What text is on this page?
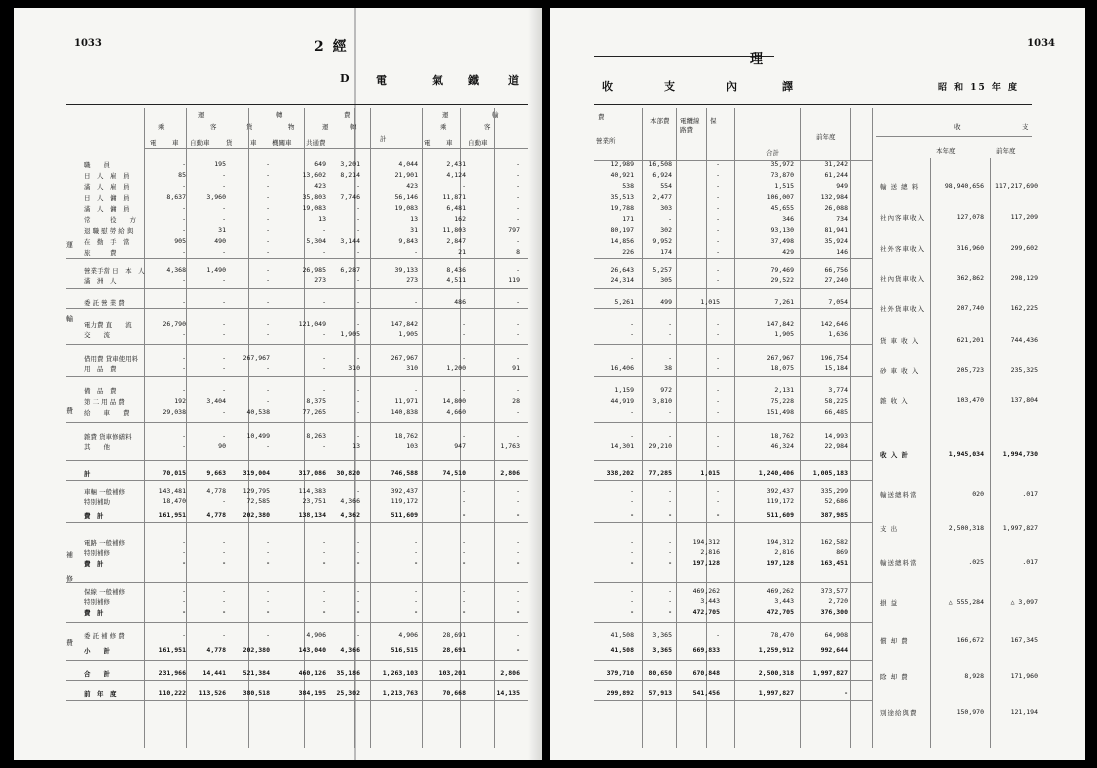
1033	2 經
D 電	氣 鐵 道
運	轉	費	運	輸
乘	客	貨	物	運	轉	乘	客
計
電 車 自動車	貨	車 機關車 共通費	電 車 自動車
運
輸
費
補
修
費
職　　員	-	195	-	649 3,201	4,044	2,431	-
日　人　雇　員	85	-	-	13,602 8,214	21,901	4,124	-
滿　人　雇　員	-	-	-	423	-	423	-	-
日　人　傭　員	8,637	3,960	-	35,803 7,746	56,146	11,871	-
滿　人　傭　員	-	-	-	19,083	-	19,083	6,481	-
常　　　役　　方	-	-	-	13	-	13	162	-
退 職 慰 勞 給 與	-	31	-	-	-	31	11,803	797
在　勤　手　當	905	490	-	5,304 3,144	9,843	2,847	-
旅　　　費	-	-	-	-	-	-	21	8
營業手當 日　本　人	4,368	1,490	-	26,985 6,287	39,133	8,436	-
滿　洲　人	-	-	-	273	-	273	4,511	119
委 託 營 業 費	-	-	-	-	-	-	486	-
電力費 直　　流	26,790	-	-	121,049	-	147,842	-	-
交　　流	-	-	-	- 1,905	1,905	-	-
借用費 貸車使用料	-	-	267,967	-	-	267,967	-	-
用　品　費	-	-	-	-	310	310	1,200	91
備　品　費	-	-	-	-	-	-	-	-
第 二 用 品 費	192	3,404	-	8,375	-	11,971	14,800	28
給　　車　　費	29,038	-	40,538	77,265	-	140,838	4,660	-
雜費 貨車修繕料	-	-	10,499	8,263	-	18,762	-	-
其　　他	-	90	-	-	13	103	947	1,763
計	70,015	9,663	319,004	317,086 30,820	746,588	74,510	2,806
車輛 一般補修	143,481	4,778	129,795	114,383	-	392,437	-	-
特別補助	18,470	-	72,585	23,751 4,366	119,172	-	-
費　計	161,951	4,778	202,380	138,134 4,362	511,609	-	-
電路 一般補修	-	-	-	-	-	-	-	-
特別補修	-	-	-	-	-	-	-	-
費　計	-	-	-	-	-	-	-	-
保線 一般補修	-	-	-	-	-	-	-	-
特別補修	-	-	-	-	-	-	-	-
費　計	-	-	-	-	-	-	-	-
委 託 補 修 費	-	-	-	4,906	-	4,906	28,691	-
小　　計	161,951	4,778	202,380	143,040 4,366	516,515	28,691	-
合　　計	231,966	14,441	521,384	460,126 35,186	1,263,103	103,201	2,806
前　年　度	110,222 113,526	380,518	384,195 25,302	1,213,763	70,668	14,135
1034
理
收	支	內	譯	昭 和 15 年 度
費
營業所
本部費	電纜線路費
保
合計
前年度
收	支
本年度	前年度
12,989 16,508	-	35,972	31,242
40,921	6,924	-	73,870	61,244
538	554	-	1,515	949
35,513	2,477	-	106,007	132,984
19,788	303	-	45,655	26,088
171	-	-	346	734
80,197	302	-	93,130	81,941
14,856	9,952	-	37,498	35,924
226	174	-	429	146
26,643	5,257	-	79,469	66,756
24,314	305	-	29,522	27,240
5,261	499	1,015	7,261	7,054
-	-	-	147,842	142,646
-	-	-	1,905	1,636
-	-	-	267,967	196,754
16,406	38	-	18,075	15,184
1,159	972	-	2,131	3,774
44,919	3,810	-	75,228	58,225
-	-	-	151,498	66,485
-	-	-	18,762	14,993
14,301 29,210	-	46,324	22,984
338,202 77,285	1,015	1,240,406	1,005,183
-	-	-	392,437	335,299
-	-	-	119,172	52,686
-	-	-	511,609	387,985
-	-	194,312	194,312	162,582
-	-	2,816	2,816	869
-	-	197,128	197,128	163,451
-	-	469,262	469,262	373,577
-	-	3,443	3,443	2,720
-	-	472,705	472,705	376,300
41,508	3,365	-	78,470	64,908
41,508	3,365	669,833	1,259,912	992,644
379,710 80,650	670,848	2,500,318	1,997,827
299,892 57,913	541,456	1,997,827	-
輸 送 總 料	98,940,656 117,217,690
社內客車收入	127,078	117,209
社外客車收入	316,960	299,602
社內貨車收入	362,862	298,129
社外貨車收入	207,740	162,225
貨 車 收 入	621,201	744,436
砂 車 收 入	205,723	235,325
雜 收 入	103,470	137,804
收 入 計	1,945,034	1,994,730
輸送總料當	020	.017
支 出	2,500,318	1,997,827
輸送總料當	.025	.017
損 益	△ 555,284	△ 3,097
償 却 費	166,672	167,345
除 却 費	8,928	171,960
別途給與費	150,970	121,194
